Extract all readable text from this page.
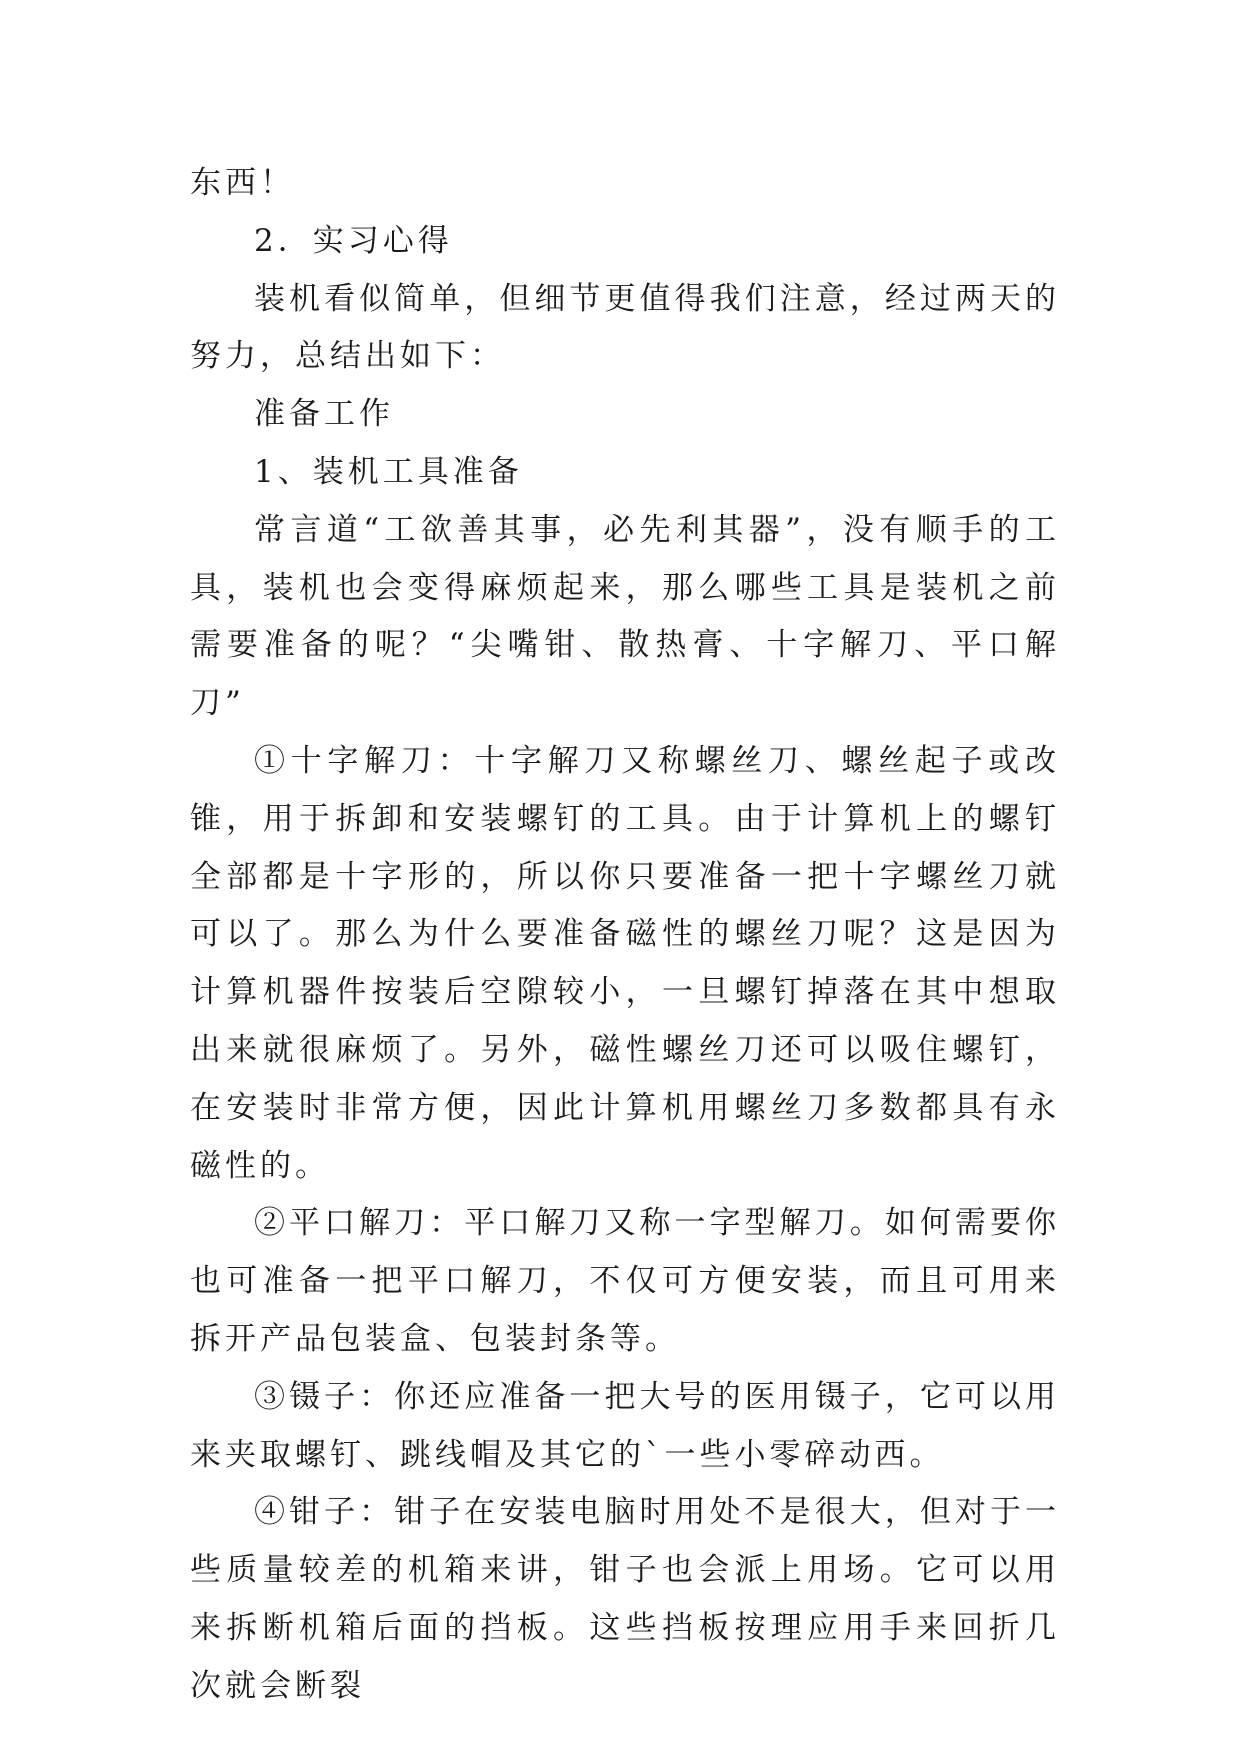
东西！

2．实习心得

装机看似简单，但细节更值得我们注意，经过两天的努力，总结出如下：

准备工作

1、装机工具准备

常言道“工欲善其事，必先利其器”，没有顺手的工具，装机也会变得麻烦起来，那么哪些工具是装机之前需要准备的呢？“尖嘴钳、散热膏、十字解刀、平口解刀”

①十字解刀：十字解刀又称螺丝刀、螺丝起子或改锥，用于拆卸和安装螺钉的工具。由于计算机上的螺钉全部都是十字形的，所以你只要准备一把十字螺丝刀就可以了。那么为什么要准备磁性的螺丝刀呢？这是因为计算机器件按装后空隙较小，一旦螺钉掉落在其中想取出来就很麻烦了。另外，磁性螺丝刀还可以吸住螺钉，在安装时非常方便，因此计算机用螺丝刀多数都具有永磁性的。

②平口解刀：平口解刀又称一字型解刀。如何需要你也可准备一把平口解刀，不仅可方便安装，而且可用来拆开产品包装盒、包装封条等。

③镊子：你还应准备一把大号的医用镊子，它可以用来夹取螺钉、跳线帽及其它的`一些小零碎动西。

④钳子：钳子在安装电脑时用处不是很大，但对于一些质量较差的机箱来讲，钳子也会派上用场。它可以用来拆断机箱后面的挡板。这些挡板按理应用手来回折几次就会断裂
